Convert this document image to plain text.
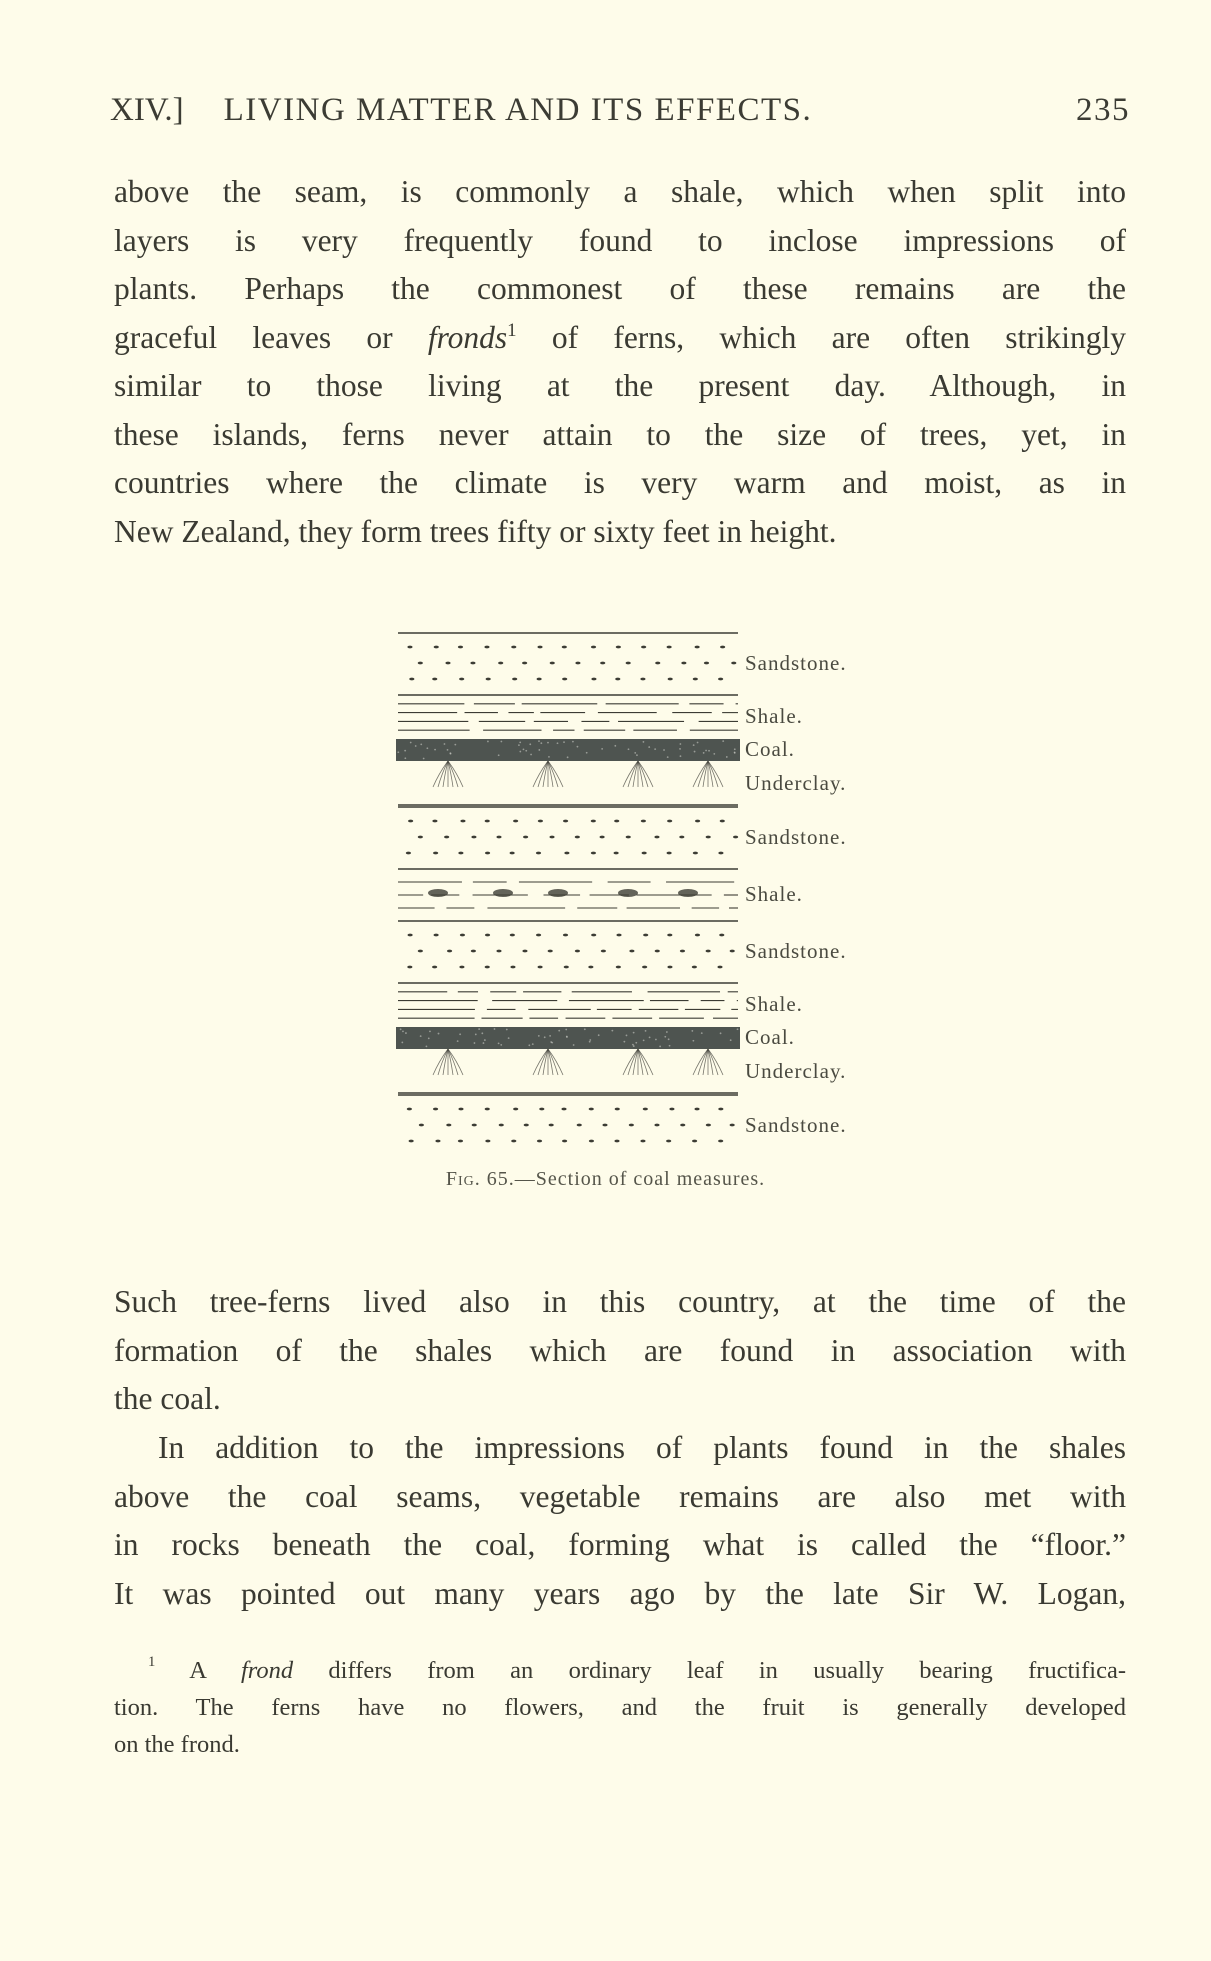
XIV.] LIVING MATTER AND ITS EFFECTS.	235
above the seam, is commonly a shale, which when split into
layers is very frequently found to inclose impressions of
plants. Perhaps the commonest of these remains are the
graceful leaves or fronds$^1$ of ferns, which are often strikingly
similar to those living at the present day. Although, in
these islands, ferns never attain to the size of trees, yet, in
countries where the climate is very warm and moist, as in
New Zealand, they form trees fifty or sixty feet in height.
Sandstone.
Shale.
Coal.
Underclay.
Sandstone.
Shale.
Sandstone.
Shale.
Coal.
Underclay.
Sandstone.
Fig. 65.—Section of coal measures.
Such tree-ferns lived also in this country, at the time of the
formation of the shales which are found in association with
the coal.
In addition to the impressions of plants found in the shales
above the coal seams, vegetable remains are also met with
in rocks beneath the coal, forming what is called the “floor.”
It was pointed out many years ago by the late Sir W. Logan,
$^1$ A frond differs from an ordinary leaf in usually bearing fructifica-
tion. The ferns have no flowers, and the fruit is generally developed
on the frond.
